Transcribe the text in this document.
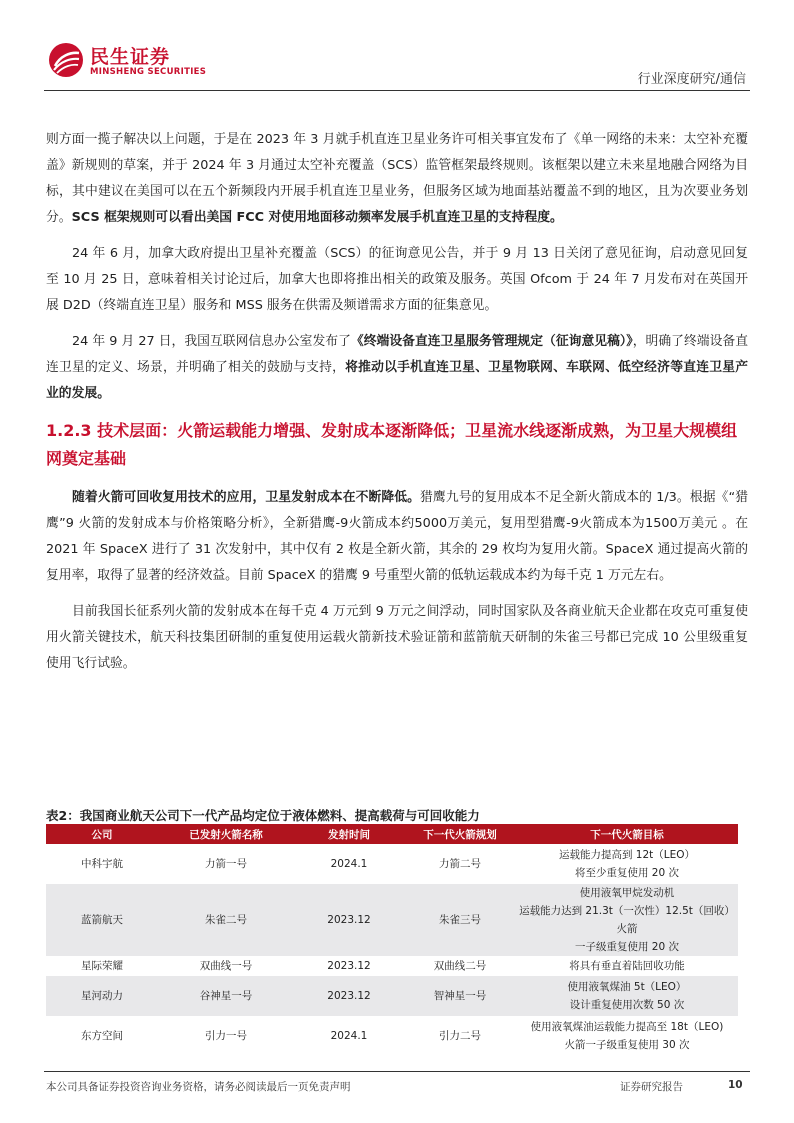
民生证券
MINSHENG SECURITIES	行业深度研究/通信

则方面一揽子解决以上问题，于是在 2023 年 3 月就手机直连卫星业务许可相关事宜发布了《单一网络的未来：太空补充覆盖》新规则的草案，并于 2024 年 3 月通过太空补充覆盖（SCS）监管框架最终规则。该框架以建立未来星地融合网络为目标，其中建议在美国可以在五个新频段内开展手机直连卫星业务，但服务区域为地面基站覆盖不到的地区，且为次要业务划分。SCS 框架规则可以看出美国 FCC 对使用地面移动频率发展手机直连卫星的支持程度。

24 年 6 月，加拿大政府提出卫星补充覆盖（SCS）的征询意见公告，并于 9 月 13 日关闭了意见征询，启动意见回复至 10 月 25 日，意味着相关讨论过后，加拿大也即将推出相关的政策及服务。英国 Ofcom 于 24 年 7 月发布对在英国开展 D2D（终端直连卫星）服务和 MSS 服务在供需及频谱需求方面的征集意见。

24 年 9 月 27 日，我国互联网信息办公室发布了《终端设备直连卫星服务管理规定（征询意见稿）》，明确了终端设备直连卫星的定义、场景，并明确了相关的鼓励与支持，将推动以手机直连卫星、卫星物联网、车联网、低空经济等直连卫星产业的发展。

1.2.3 技术层面：火箭运载能力增强、发射成本逐渐降低；卫星流水线逐渐成熟，为卫星大规模组网奠定基础

随着火箭可回收复用技术的应用，卫星发射成本在不断降低。猎鹰九号的复用成本不足全新火箭成本的 1/3。根据《“猎鹰”9 火箭的发射成本与价格策略分析》，全新猎鹰-9火箭成本约5000万美元，复用型猎鹰-9火箭成本为1500万美元 。在2021 年 SpaceX 进行了 31 次发射中，其中仅有 2 枚是全新火箭，其余的 29 枚均为复用火箭。SpaceX 通过提高火箭的复用率，取得了显著的经济效益。目前 SpaceX 的猎鹰 9 号重型火箭的低轨运载成本约为每千克 1 万元左右。

目前我国长征系列火箭的发射成本在每千克 4 万元到 9 万元之间浮动，同时国家队及各商业航天企业都在攻克可重复使用火箭关键技术，航天科技集团研制的重复使用运载火箭新技术验证箭和蓝箭航天研制的朱雀三号都已完成 10 公里级重复使用飞行试验。

表2：我国商业航天公司下一代产品均定位于液体燃料、提高载荷与可回收能力
公司	已发射火箭名称	发射时间	下一代火箭规划	下一代火箭目标
中科宇航	力箭一号	2024.1	力箭二号	运载能力提高到 12t（LEO）
将至少重复使用 20 次

蓝箭航天	朱雀二号	2023.12	朱雀三号	使用液氧甲烷发动机
运载能力达到 21.3t（一次性）12.5t（回收）火箭
一子级重复使用 20 次

星际荣耀	双曲线一号	2023.12	双曲线二号	将具有垂直着陆回收功能

星河动力	谷神星一号	2023.12	智神星一号	使用液氧煤油 5t（LEO）
设计重复使用次数 50 次

东方空间	引力一号	2024.1	引力二号	使用液氧煤油运载能力提高至 18t（LEO)
火箭一子级重复使用 30 次
本公司具备证券投资咨询业务资格，请务必阅读最后一页免责声明	证券研究报告	10
